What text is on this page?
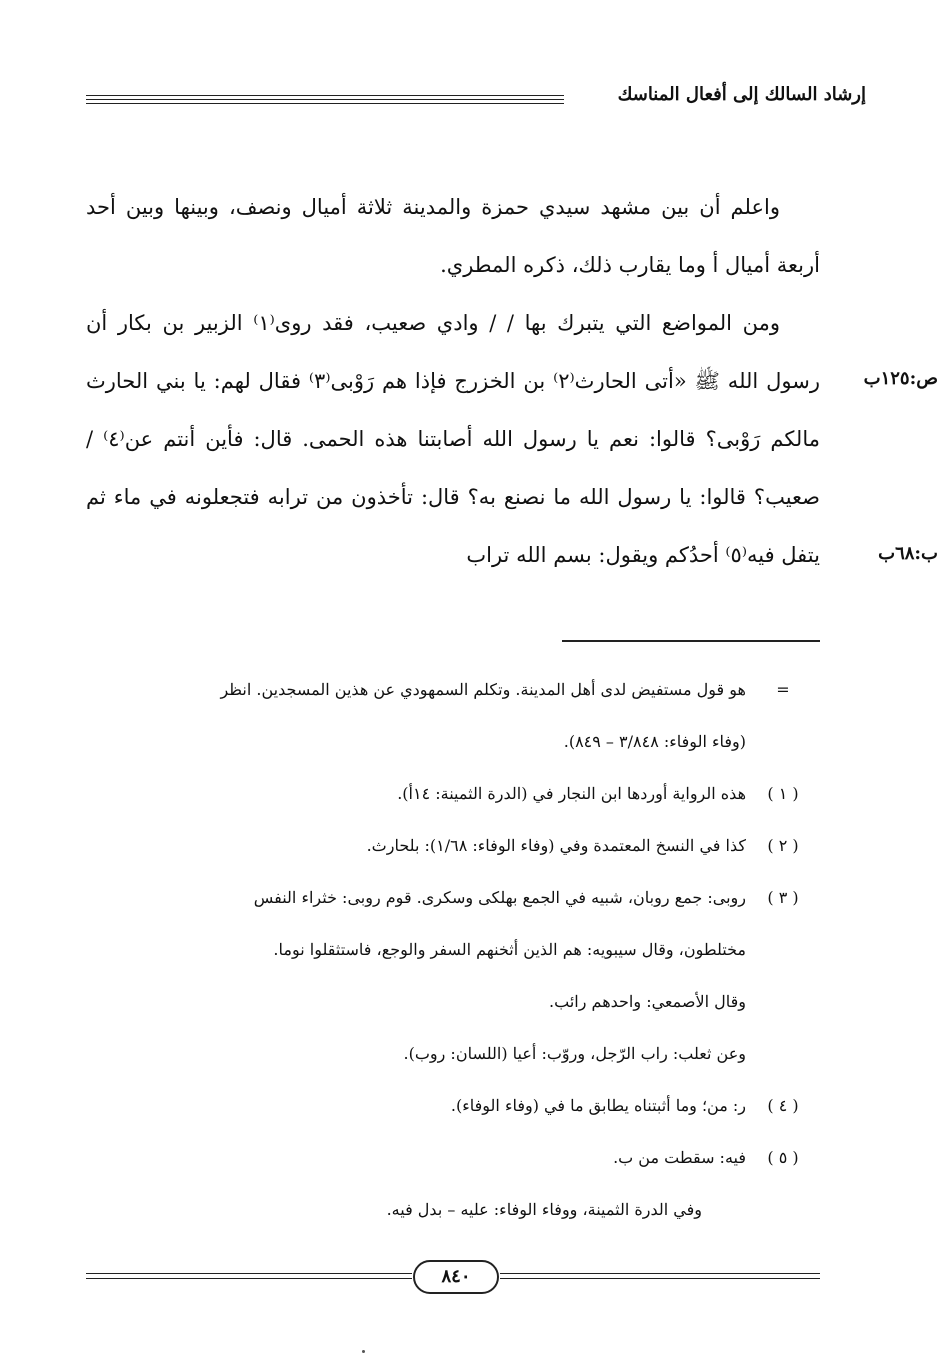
إرشاد السالك إلى أفعال المناسك

واعلم أن بين مشهد سيدي حمزة والمدينة ثلاثة أميال ونصف، وبينها وبين أحد أربعة أميال أ وما يقارب ذلك، ذكره المطري.

ومن المواضع التي يتبرك بها / / وادي صعيب، فقد روى⁽١⁾ الزبير بن بكار أن رسول الله ﷺ «أتى الحارث⁽٢⁾ بن الخزرج فإذا هم رَوْبى⁽٣⁾ فقال لهم: يا بني الحارث مالكم رَوْبى؟ قالوا: نعم يا رسول الله أصابتنا هذه الحمى. قال: فأين أنتم عن⁽٤⁾ / صعيب؟ قالوا: يا رسول الله ما نصنع به؟ قال: تأخذون من ترابه فتجعلونه في ماء ثم يتفل فيه⁽٥⁾ أحدُكم ويقول: بسم الله تراب

ص:١٢٥ب
ب:٦٨ب
=
هو قول مستفيض لدى أهل المدينة. وتكلم السمهودي عن هذين المسجدين. انظر
(وفاء الوفاء: ٣/٨٤٨ – ٨٤٩).
( ١ )
هذه الرواية أوردها ابن النجار في (الدرة الثمينة: ١٤أ).
( ٢ )
كذا في النسخ المعتمدة وفي (وفاء الوفاء: ١/٦٨): بلحارث.
( ٣ )
روبى: جمع روبان، شبيه في الجمع بهلكى وسكرى. قوم روبى: خثراء النفس
مختلطون، وقال سيبويه: هم الذين أثخنهم السفر والوجع، فاستثقلوا نوما.
وقال الأصمعي: واحدهم رائب.
وعن ثعلب: راب الرّجل، وروّب: أعيا (اللسان: روب).
( ٤ )
ر: من؛ وما أثبتناه يطابق ما في (وفاء الوفاء).
( ٥ )
فيه: سقطت من ب.
وفي الدرة الثمينة، ووفاء الوفاء: عليه – بدل فيه.
٨٤٠
